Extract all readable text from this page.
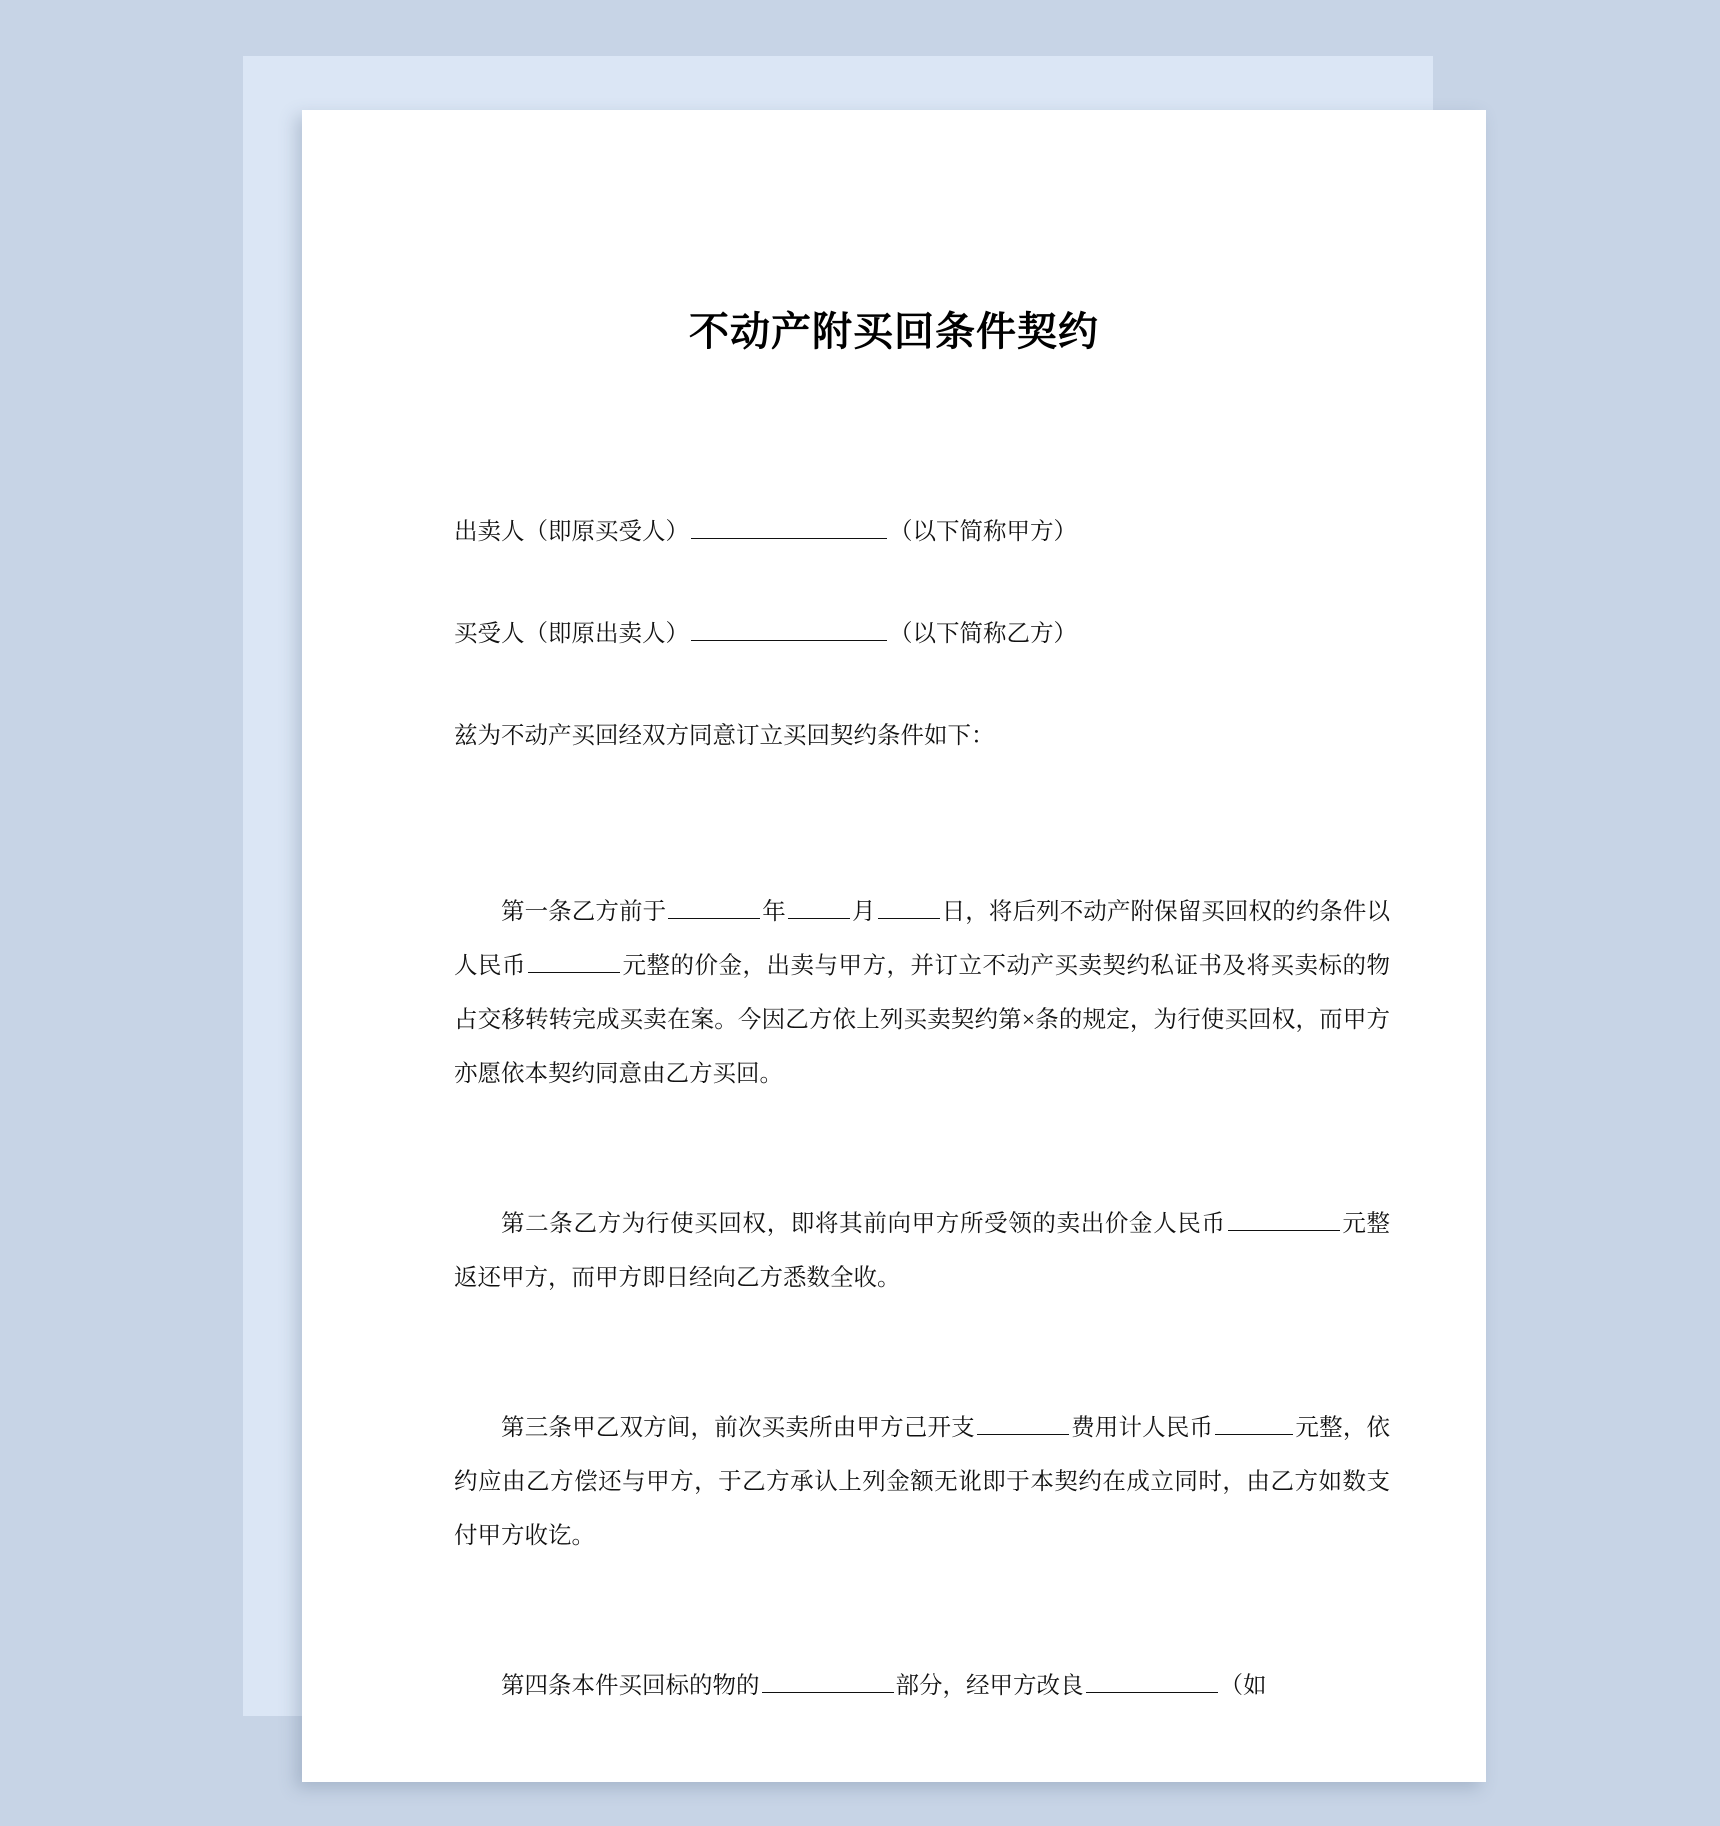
不动产附买回条件契约
出卖人（即原买受人）	（以下简称甲方）
买受人（即原出卖人）	（以下简称乙方）
兹为不动产买回经双方同意订立买回契约条件如下：
第一条乙方前于	年	月	日，将后列不动产附保留买回权的约条件以人民币	元整的价金，出卖与甲方，并订立不动产买卖契约私证书及将买卖标的物占交移转转完成买卖在案。今因乙方依上列买卖契约第×条的规定，为行使买回权，而甲方亦愿依本契约同意由乙方买回。
第二条乙方为行使买回权，即将其前向甲方所受领的卖出价金人民币	元整返还甲方，而甲方即日经向乙方悉数全收。
第三条甲乙双方间，前次买卖所由甲方己开支	费用计人民币	元整，依约应由乙方偿还与甲方，于乙方承认上列金额无讹即于本契约在成立同时，由乙方如数支付甲方收讫。
第四条本件买回标的物的	部分，经甲方改良	（如
